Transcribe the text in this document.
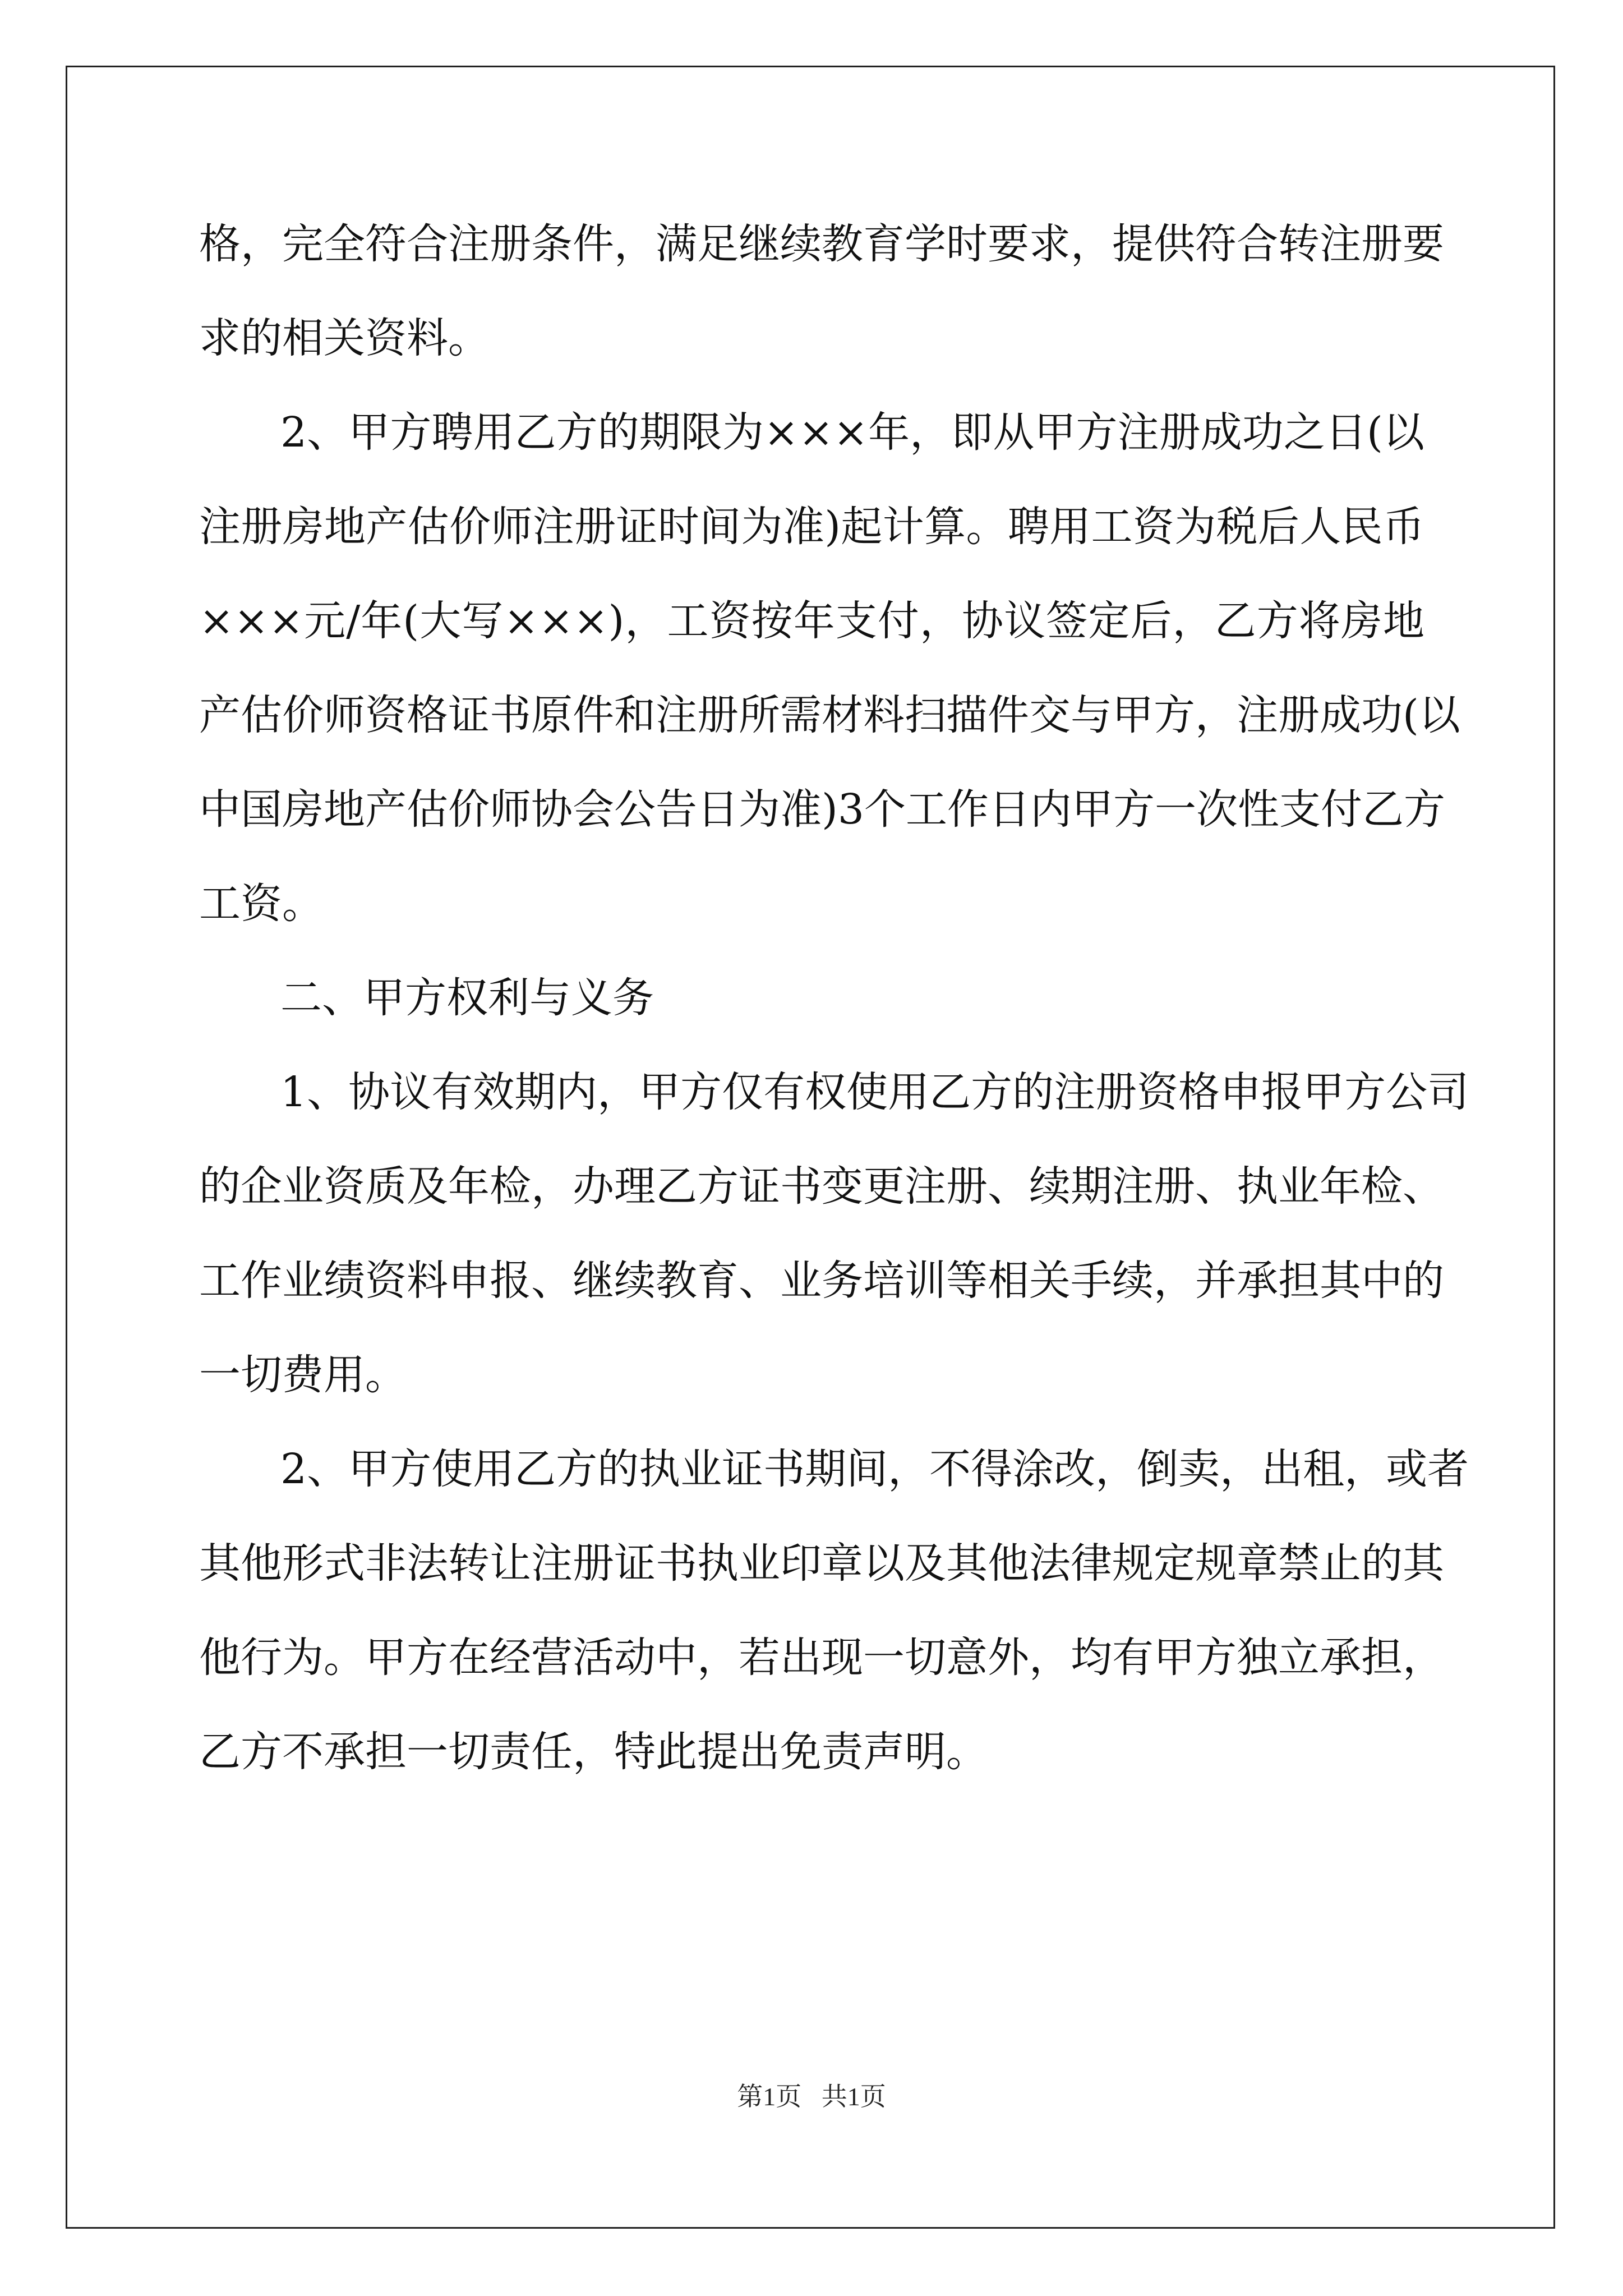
格，完全符合注册条件，满足继续教育学时要求，提供符合转注册要
求的相关资料。
2、甲方聘用乙方的期限为×××年，即从甲方注册成功之日(以
注册房地产估价师注册证时间为准)起计算。聘用工资为税后人民币
×××元/年(大写×××)，工资按年支付，协议签定后，乙方将房地
产估价师资格证书原件和注册所需材料扫描件交与甲方，注册成功(以
中国房地产估价师协会公告日为准)3个工作日内甲方一次性支付乙方
工资。
二、甲方权利与义务
1、协议有效期内，甲方仅有权使用乙方的注册资格申报甲方公司
的企业资质及年检，办理乙方证书变更注册、续期注册、执业年检、
工作业绩资料申报、继续教育、业务培训等相关手续，并承担其中的
一切费用。
2、甲方使用乙方的执业证书期间，不得涂改，倒卖，出租，或者
其他形式非法转让注册证书执业印章以及其他法律规定规章禁止的其
他行为。甲方在经营活动中，若出现一切意外，均有甲方独立承担，
乙方不承担一切责任，特此提出免责声明。
第1页 共1页
